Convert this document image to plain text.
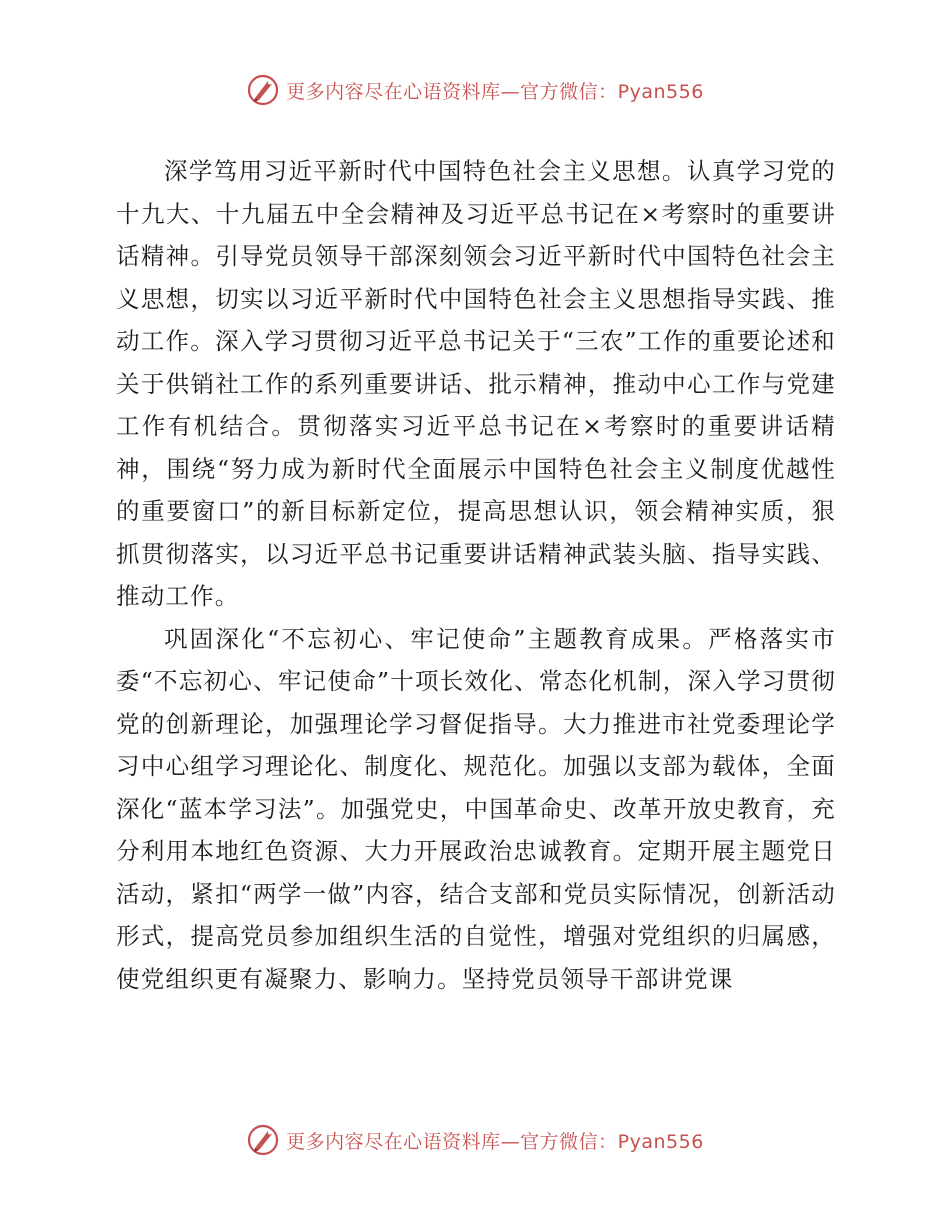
更多内容尽在心语资料库—官方微信：Pyan556

深学笃用习近平新时代中国特色社会主义思想。认真学习党的十九大、十九届五中全会精神及习近平总书记在×考察时的重要讲话精神。引导党员领导干部深刻领会习近平新时代中国特色社会主义思想，切实以习近平新时代中国特色社会主义思想指导实践、推动工作。深入学习贯彻习近平总书记关于“三农”工作的重要论述和关于供销社工作的系列重要讲话、批示精神，推动中心工作与党建工作有机结合。贯彻落实习近平总书记在×考察时的重要讲话精神，围绕“努力成为新时代全面展示中国特色社会主义制度优越性的重要窗口”的新目标新定位，提高思想认识，领会精神实质，狠抓贯彻落实，以习近平总书记重要讲话精神武装头脑、指导实践、推动工作。

巩固深化“不忘初心、牢记使命”主题教育成果。严格落实市委“不忘初心、牢记使命”十项长效化、常态化机制，深入学习贯彻党的创新理论，加强理论学习督促指导。大力推进市社党委理论学习中心组学习理论化、制度化、规范化。加强以支部为载体，全面深化“蓝本学习法”。加强党史，中国革命史、改革开放史教育，充分利用本地红色资源、大力开展政治忠诚教育。定期开展主题党日活动，紧扣“两学一做”内容，结合支部和党员实际情况，创新活动形式，提高党员参加组织生活的自觉性，增强对党组织的归属感，使党组织更有凝聚力、影响力。坚持党员领导干部讲党课

更多内容尽在心语资料库—官方微信：Pyan556
